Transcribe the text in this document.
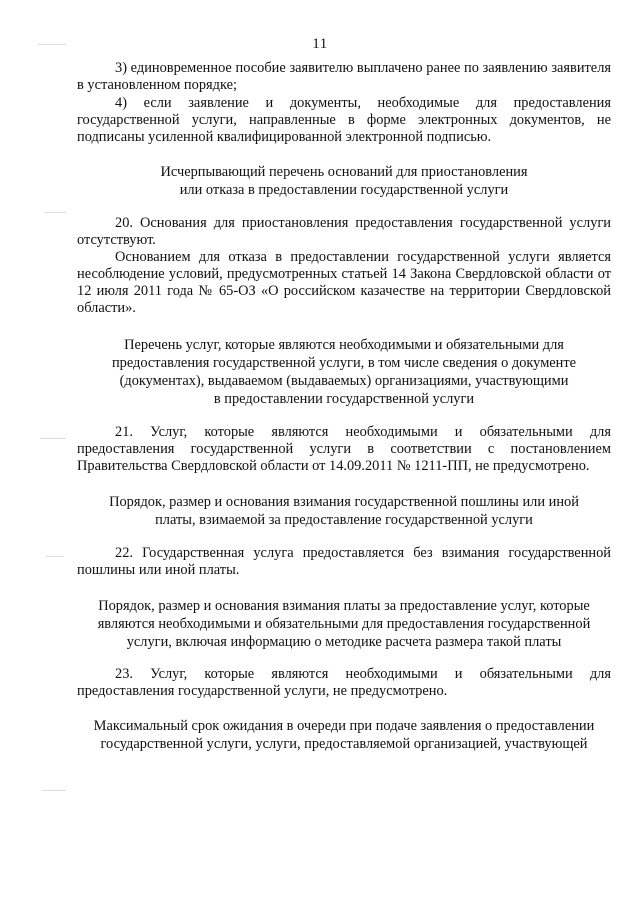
11

3) единовременное пособие заявителю выплачено ранее по заявлению заявителя в установленном порядке;

4) если заявление и документы, необходимые для предоставления государственной услуги, направленные в форме электронных документов, не подписаны усиленной квалифицированной электронной подписью.

Исчерпывающий перечень оснований для приостановления
или отказа в предоставлении государственной услуги

20. Основания для приостановления предоставления государственной услуги отсутствуют.

Основанием для отказа в предоставлении государственной услуги является несоблюдение условий, предусмотренных статьей 14 Закона Свердловской области от 12 июля 2011 года № 65-ОЗ «О российском казачестве на территории Свердловской области».

Перечень услуг, которые являются необходимыми и обязательными для
предоставления государственной услуги, в том числе сведения о документе
(документах), выдаваемом (выдаваемых) организациями, участвующими
в предоставлении государственной услуги

21. Услуг, которые являются необходимыми и обязательными для предоставления государственной услуги в соответствии с постановлением Правительства Свердловской области от 14.09.2011 № 1211-ПП, не предусмотрено.

Порядок, размер и основания взимания государственной пошлины или иной
платы, взимаемой за предоставление государственной услуги

22. Государственная услуга предоставляется без взимания государственной пошлины или иной платы.

Порядок, размер и основания взимания платы за предоставление услуг, которые
являются необходимыми и обязательными для предоставления государственной
услуги, включая информацию о методике расчета размера такой платы

23. Услуг, которые являются необходимыми и обязательными для предоставления государственной услуги, не предусмотрено.

Максимальный срок ожидания в очереди при подаче заявления о предоставлении
государственной услуги, услуги, предоставляемой организацией, участвующей
